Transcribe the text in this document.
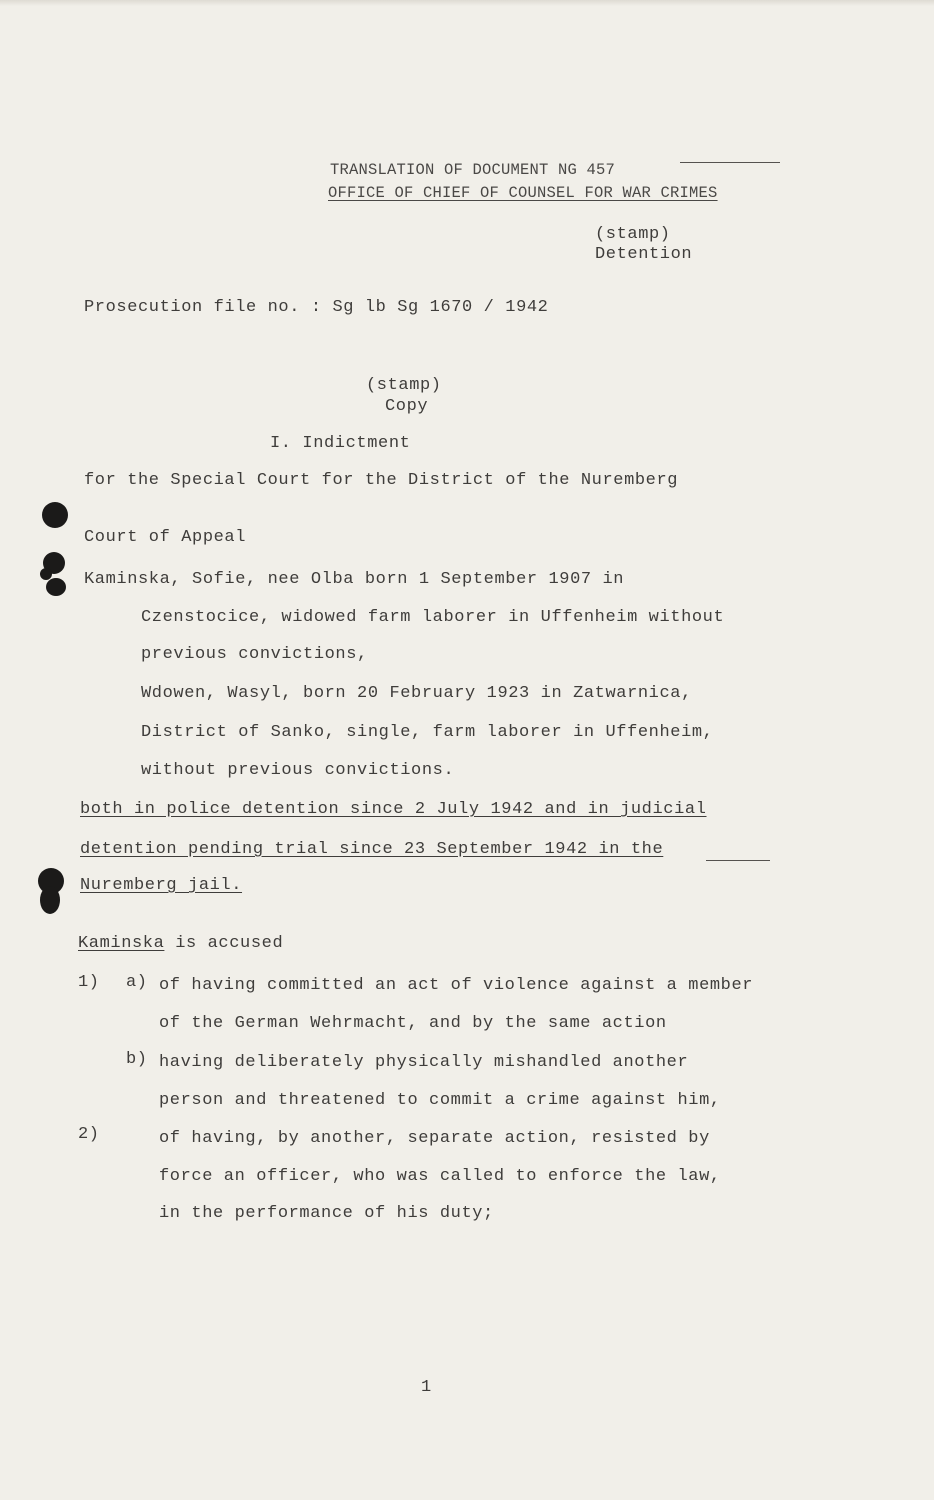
TRANSLATION OF DOCUMENT NG 457
OFFICE OF CHIEF OF COUNSEL FOR WAR CRIMES
(stamp)
Detention
Prosecution file no. : Sg lb Sg 1670 / 1942
(stamp)
Copy
I. Indictment
for the Special Court for the District of the Nuremberg
Court of Appeal
Kaminska, Sofie, nee Olba born 1 September 1907 in
Czenstocice, widowed farm laborer in Uffenheim without
previous convictions,
Wdowen, Wasyl, born 20 February 1923 in Zatwarnica,
District of Sanko, single, farm laborer in Uffenheim,
without previous convictions.
both in police detention since 2 July 1942 and in judicial
detention pending trial since 23 September 1942 in the
Nuremberg jail.
Kaminska is accused
1) a) of having committed an act of violence against a member
of the German Wehrmacht, and by the same action
b) having deliberately physically mishandled another
person and threatened to commit a crime against him,
2)	of having, by another, separate action, resisted by
force an officer, who was called to enforce the law,
in the performance of his duty;
1
